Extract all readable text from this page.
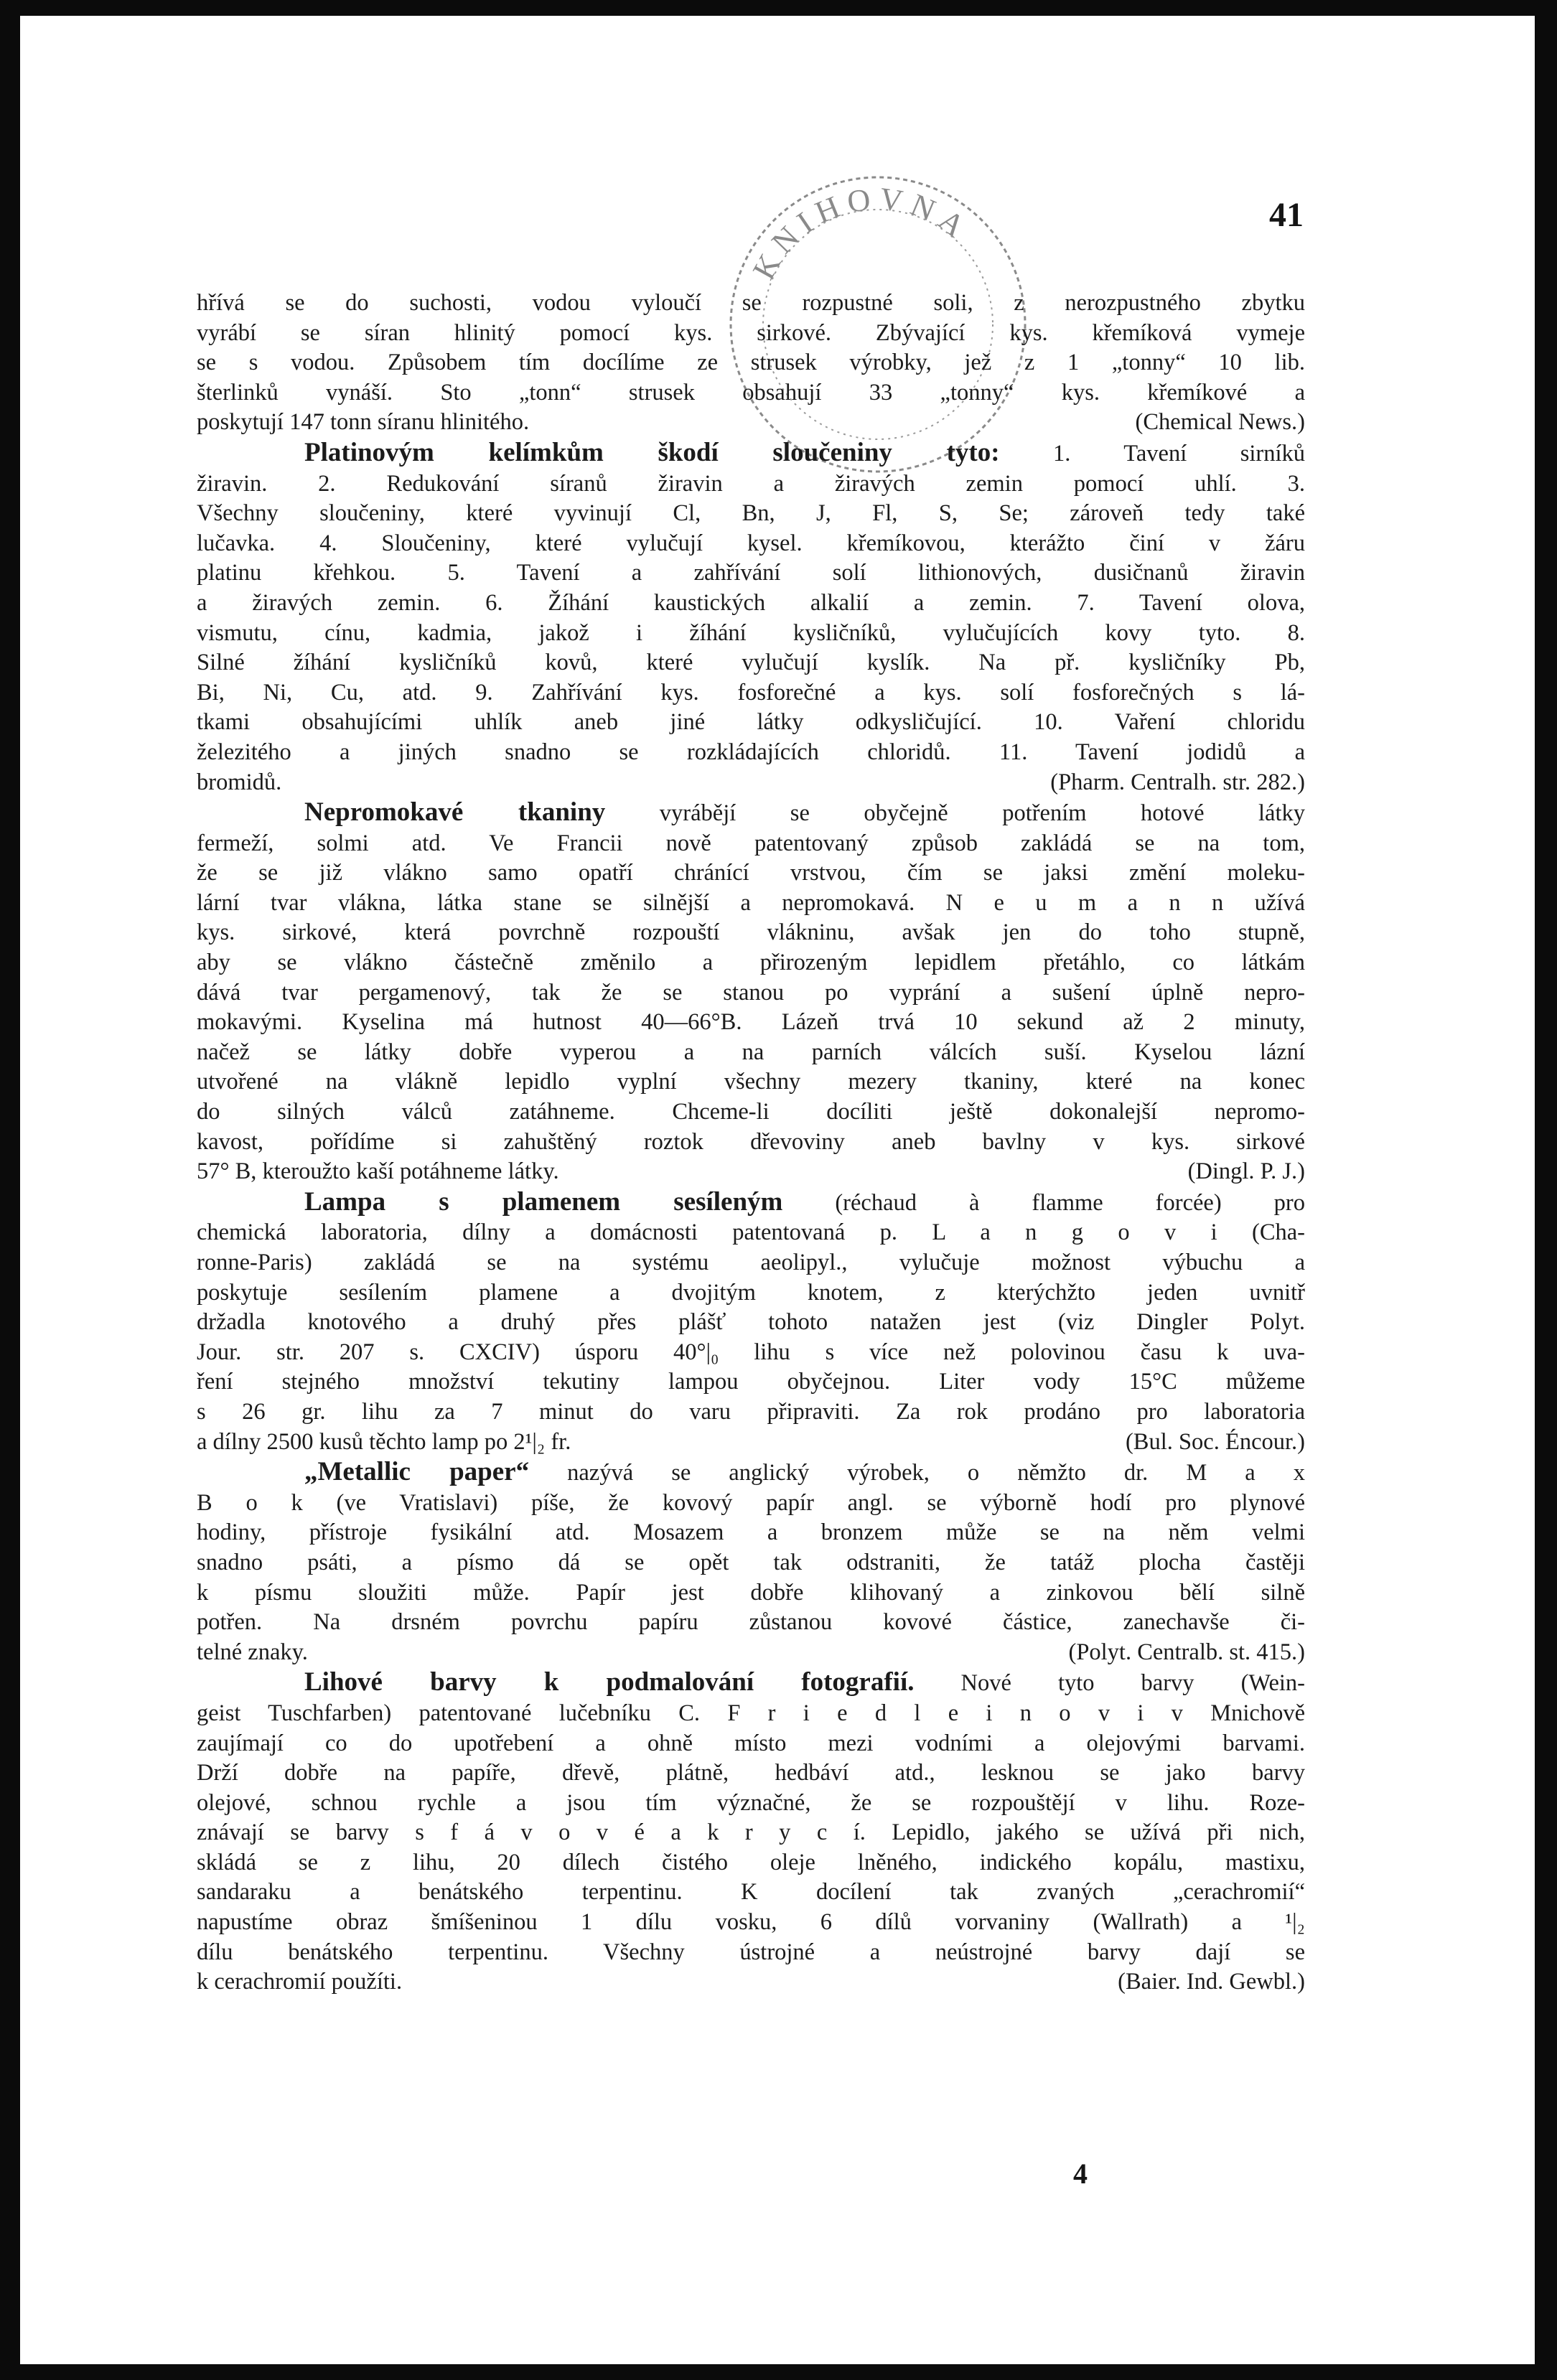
KNIHOVNA	41
hřívá se do suchosti, vodou vyloučí se rozpustné soli, z nerozpustného zbytku
vyrábí se síran hlinitý pomocí kys. sirkové. Zbývající kys. křemíková vymeje
se s vodou. Způsobem tím docílíme ze strusek výrobky, jež z 1 „tonny“ 10 lib.
šterlinků vynáší. Sto „tonn“ strusek obsahují 33 „tonny“ kys. křemíkové a
poskytují 147 tonn síranu hlinitého.	(Chemical News.)
Platinovým kelímkům škodí sloučeniny tyto: 1. Tavení sirníků
žiravin. 2. Redukování síranů žiravin a žiravých zemin pomocí uhlí. 3.
Všechny sloučeniny, které vyvinují Cl, Bn, J, Fl, S, Se; zároveň tedy také
lučavka. 4. Sloučeniny, které vylučují kysel. křemíkovou, kterážto činí v žáru
platinu křehkou. 5. Tavení a zahřívání solí lithionových, dusičnanů žiravin
a žiravých zemin. 6. Žíhání kaustických alkalií a zemin. 7. Tavení olova,
vismutu, cínu, kadmia, jakož i žíhání kysličníků, vylučujících kovy tyto. 8.
Silné žíhání kysličníků kovů, které vylučují kyslík. Na př. kysličníky Pb,
Bi, Ni, Cu, atd. 9. Zahřívání kys. fosforečné a kys. solí fosforečných s lá-
tkami obsahujícími uhlík aneb jiné látky odkysličující. 10. Vaření chloridu
železitého a jiných snadno se rozkládajících chloridů. 11. Tavení jodidů a
bromidů.	(Pharm. Centralh. str. 282.)
Nepromokavé tkaniny vyrábějí se obyčejně potřením hotové látky
fermeží, solmi atd. Ve Francii nově patentovaný způsob zakládá se na tom,
že se již vlákno samo opatří chránící vrstvou, čím se jaksi změní moleku-
lární tvar vlákna, látka stane se silnější a nepromokavá. N e u m a n n užívá
kys. sirkové, která povrchně rozpouští vlákninu, avšak jen do toho stupně,
aby se vlákno částečně změnilo a přirozeným lepidlem přetáhlo, co látkám
dává tvar pergamenový, tak že se stanou po vyprání a sušení úplně nepro-
mokavými. Kyselina má hutnost 40—66°B. Lázeň trvá 10 sekund až 2 minuty,
načež se látky dobře vyperou a na parních válcích suší. Kyselou lázní
utvořené na vlákně lepidlo vyplní všechny mezery tkaniny, které na konec
do silných válců zatáhneme. Chceme-li docíliti ještě dokonalejší nepromo-
kavost, pořídíme si zahuštěný roztok dřevoviny aneb bavlny v kys. sirkové
57° B, kteroužto kaší potáhneme látky.	(Dingl. P. J.)
Lampa s plamenem sesíleným (réchaud à flamme forcée) pro
chemická laboratoria, dílny a domácnosti patentovaná p. L a n g o v i (Cha-
ronne-Paris) zakládá se na systému aeolipyl., vylučuje možnost výbuchu a
poskytuje sesílením plamene a dvojitým knotem, z kterýchžto jeden uvnitř
držadla knotového a druhý přes plášť tohoto natažen jest (viz Dingler Polyt.
Jour. str. 207 s. CXCIV) úsporu 40°|₀ lihu s více než polovinou času k uva-
ření stejného množství tekutiny lampou obyčejnou. Liter vody 15°C můžeme
s 26 gr. lihu za 7 minut do varu připraviti. Za rok prodáno pro laboratoria
a dílny 2500 kusů těchto lamp po 2¹|₂ fr.	(Bul. Soc. Éncour.)
„Metallic paper“ nazývá se anglický výrobek, o němžto dr. M a x
B o k (ve Vratislavi) píše, že kovový papír angl. se výborně hodí pro plynové
hodiny, přístroje fysikální atd. Mosazem a bronzem může se na něm velmi
snadno psáti, a písmo dá se opět tak odstraniti, že tatáž plocha častěji
k písmu sloužiti může. Papír jest dobře klihovaný a zinkovou bělí silně
potřen. Na drsném povrchu papíru zůstanou kovové částice, zanechavše či-
telné znaky.	(Polyt. Centralb. st. 415.)
Lihové barvy k podmalování fotografií. Nové tyto barvy (Wein-
geist Tuschfarben) patentované lučebníku C. F r i e d l e i n o v i v Mnichově
zaujímají co do upotřebení a ohně místo mezi vodními a olejovými barvami.
Drží dobře na papíře, dřevě, plátně, hedbáví atd., lesknou se jako barvy
olejové, schnou rychle a jsou tím význačné, že se rozpouštějí v lihu. Roze-
znávají se barvy s f á v o v é a k r y c í. Lepidlo, jakého se užívá při nich,
skládá se z lihu, 20 dílech čistého oleje lněného, indického kopálu, mastixu,
sandaraku a benátského terpentinu. K docílení tak zvaných „cerachromií“
napustíme obraz šmíšeninou 1 dílu vosku, 6 dílů vorvaniny (Wallrath) a ¹|₂
dílu benátského terpentinu. Všechny ústrojné a neústrojné barvy dají se
k cerachromií použíti.	(Baier. Ind. Gewbl.)
4
